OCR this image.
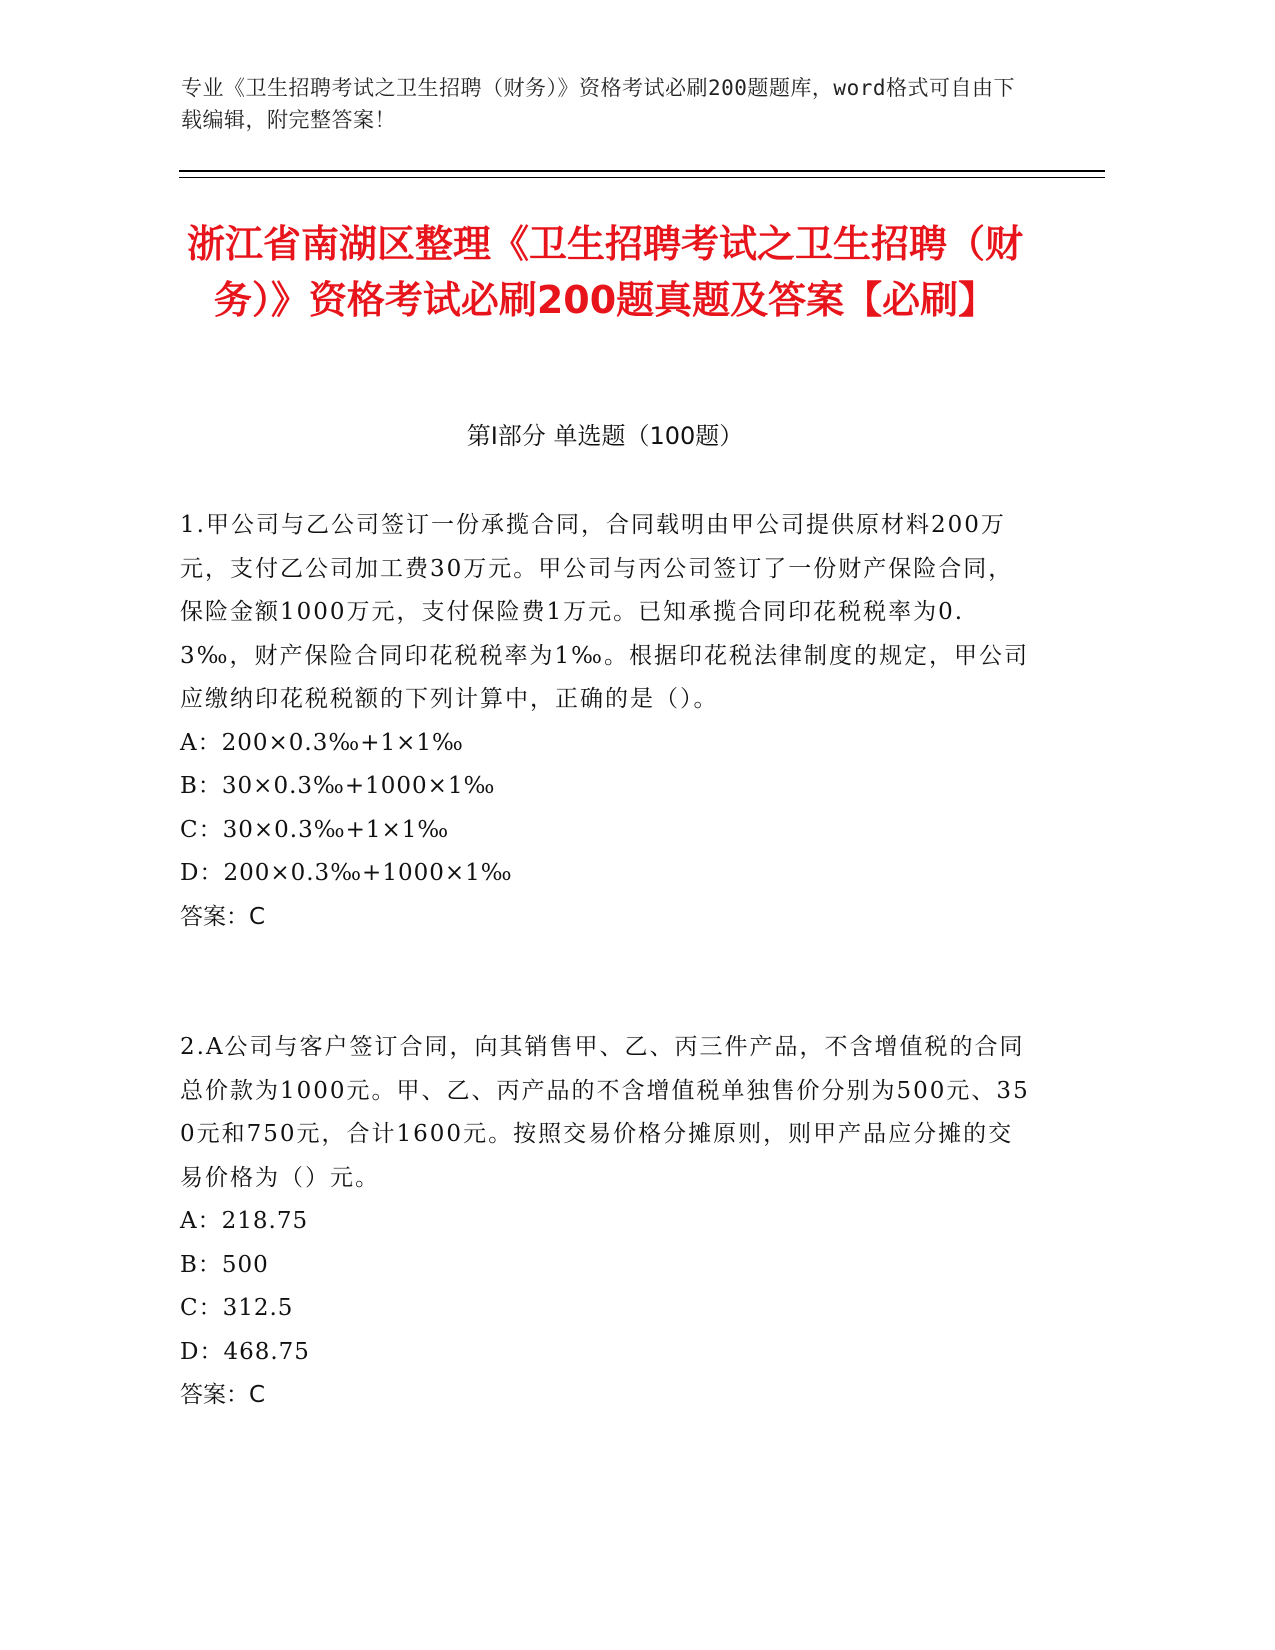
专业《卫生招聘考试之卫生招聘（财务）》资格考试必刷200题题库，word格式可自由下载编辑，附完整答案！
浙江省南湖区整理《卫生招聘考试之卫生招聘（财务）》资格考试必刷200题真题及答案【必刷】
第Ⅰ部分 单选题（100题）
1.甲公司与乙公司签订一份承揽合同，合同载明由甲公司提供原材料200万元，支付乙公司加工费30万元。甲公司与丙公司签订了一份财产保险合同，保险金额1000万元，支付保险费1万元。已知承揽合同印花税税率为0.3‰，财产保险合同印花税税率为1‰。根据印花税法律制度的规定，甲公司应缴纳印花税税额的下列计算中，正确的是（）。
A：200×0.3‰+1×1‰
B：30×0.3‰+1000×1‰
C：30×0.3‰+1×1‰
D：200×0.3‰+1000×1‰
答案：C
2.A公司与客户签订合同，向其销售甲、乙、丙三件产品，不含增值税的合同总价款为1000元。甲、乙、丙产品的不含增值税单独售价分别为500元、350元和750元，合计1600元。按照交易价格分摊原则，则甲产品应分摊的交易价格为（）元。
A：218.75
B：500
C：312.5
D：468.75
答案：C
